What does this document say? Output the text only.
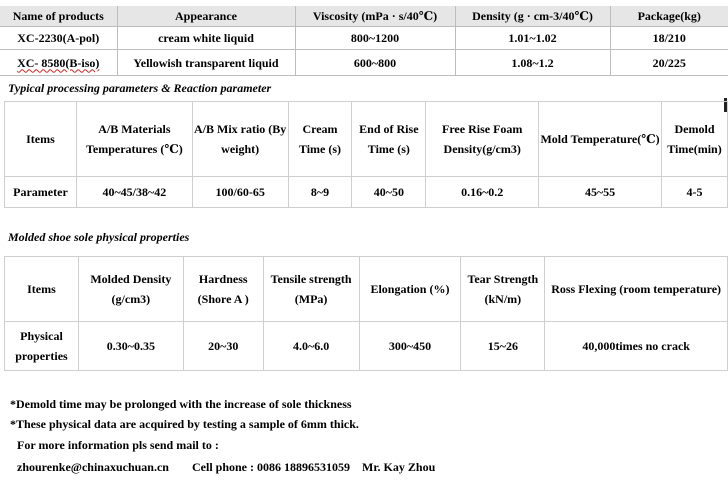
Name of products	Appearance	Viscosity (mPa · s/40℃)	Density (g · cm-3/40℃)	Package(kg)
XC-2230(A-pol)	cream white liquid	800~1200	1.01~1.02	18/210
XC- 8580(B-iso)	Yellowish transparent liquid	600~800	1.08~1.2	20/225
Typical processing parameters & Reaction parameter
Items	A/B Materials Temperatures (℃)	A/B Mix ratio (By weight)	Cream Time (s)	End of Rise Time (s)	Free Rise Foam Density(g/cm3)	Mold Temperature(℃)	Demold Time(min)
Parameter	40~45/38~42	100/60-65	8~9	40~50	0.16~0.2	45~55	4-5
Molded shoe sole physical properties
Items	Molded Density (g/cm3)	Hardness (Shore A )	Tensile strength (MPa)	Elongation (%)	Tear Strength (kN/m)	Ross Flexing (room temperature)
Physical properties	0.30~0.35	20~30	4.0~6.0	300~450	15~26	40,000times no crack
*Demold time may be prolonged with the increase of sole thickness
*These physical data are acquired by testing a sample of 6mm thick.
For more information pls send mail to :
zhourenke@chinaxuchuan.cn Cell phone : 0086 18896531059 Mr. Kay Zhou
